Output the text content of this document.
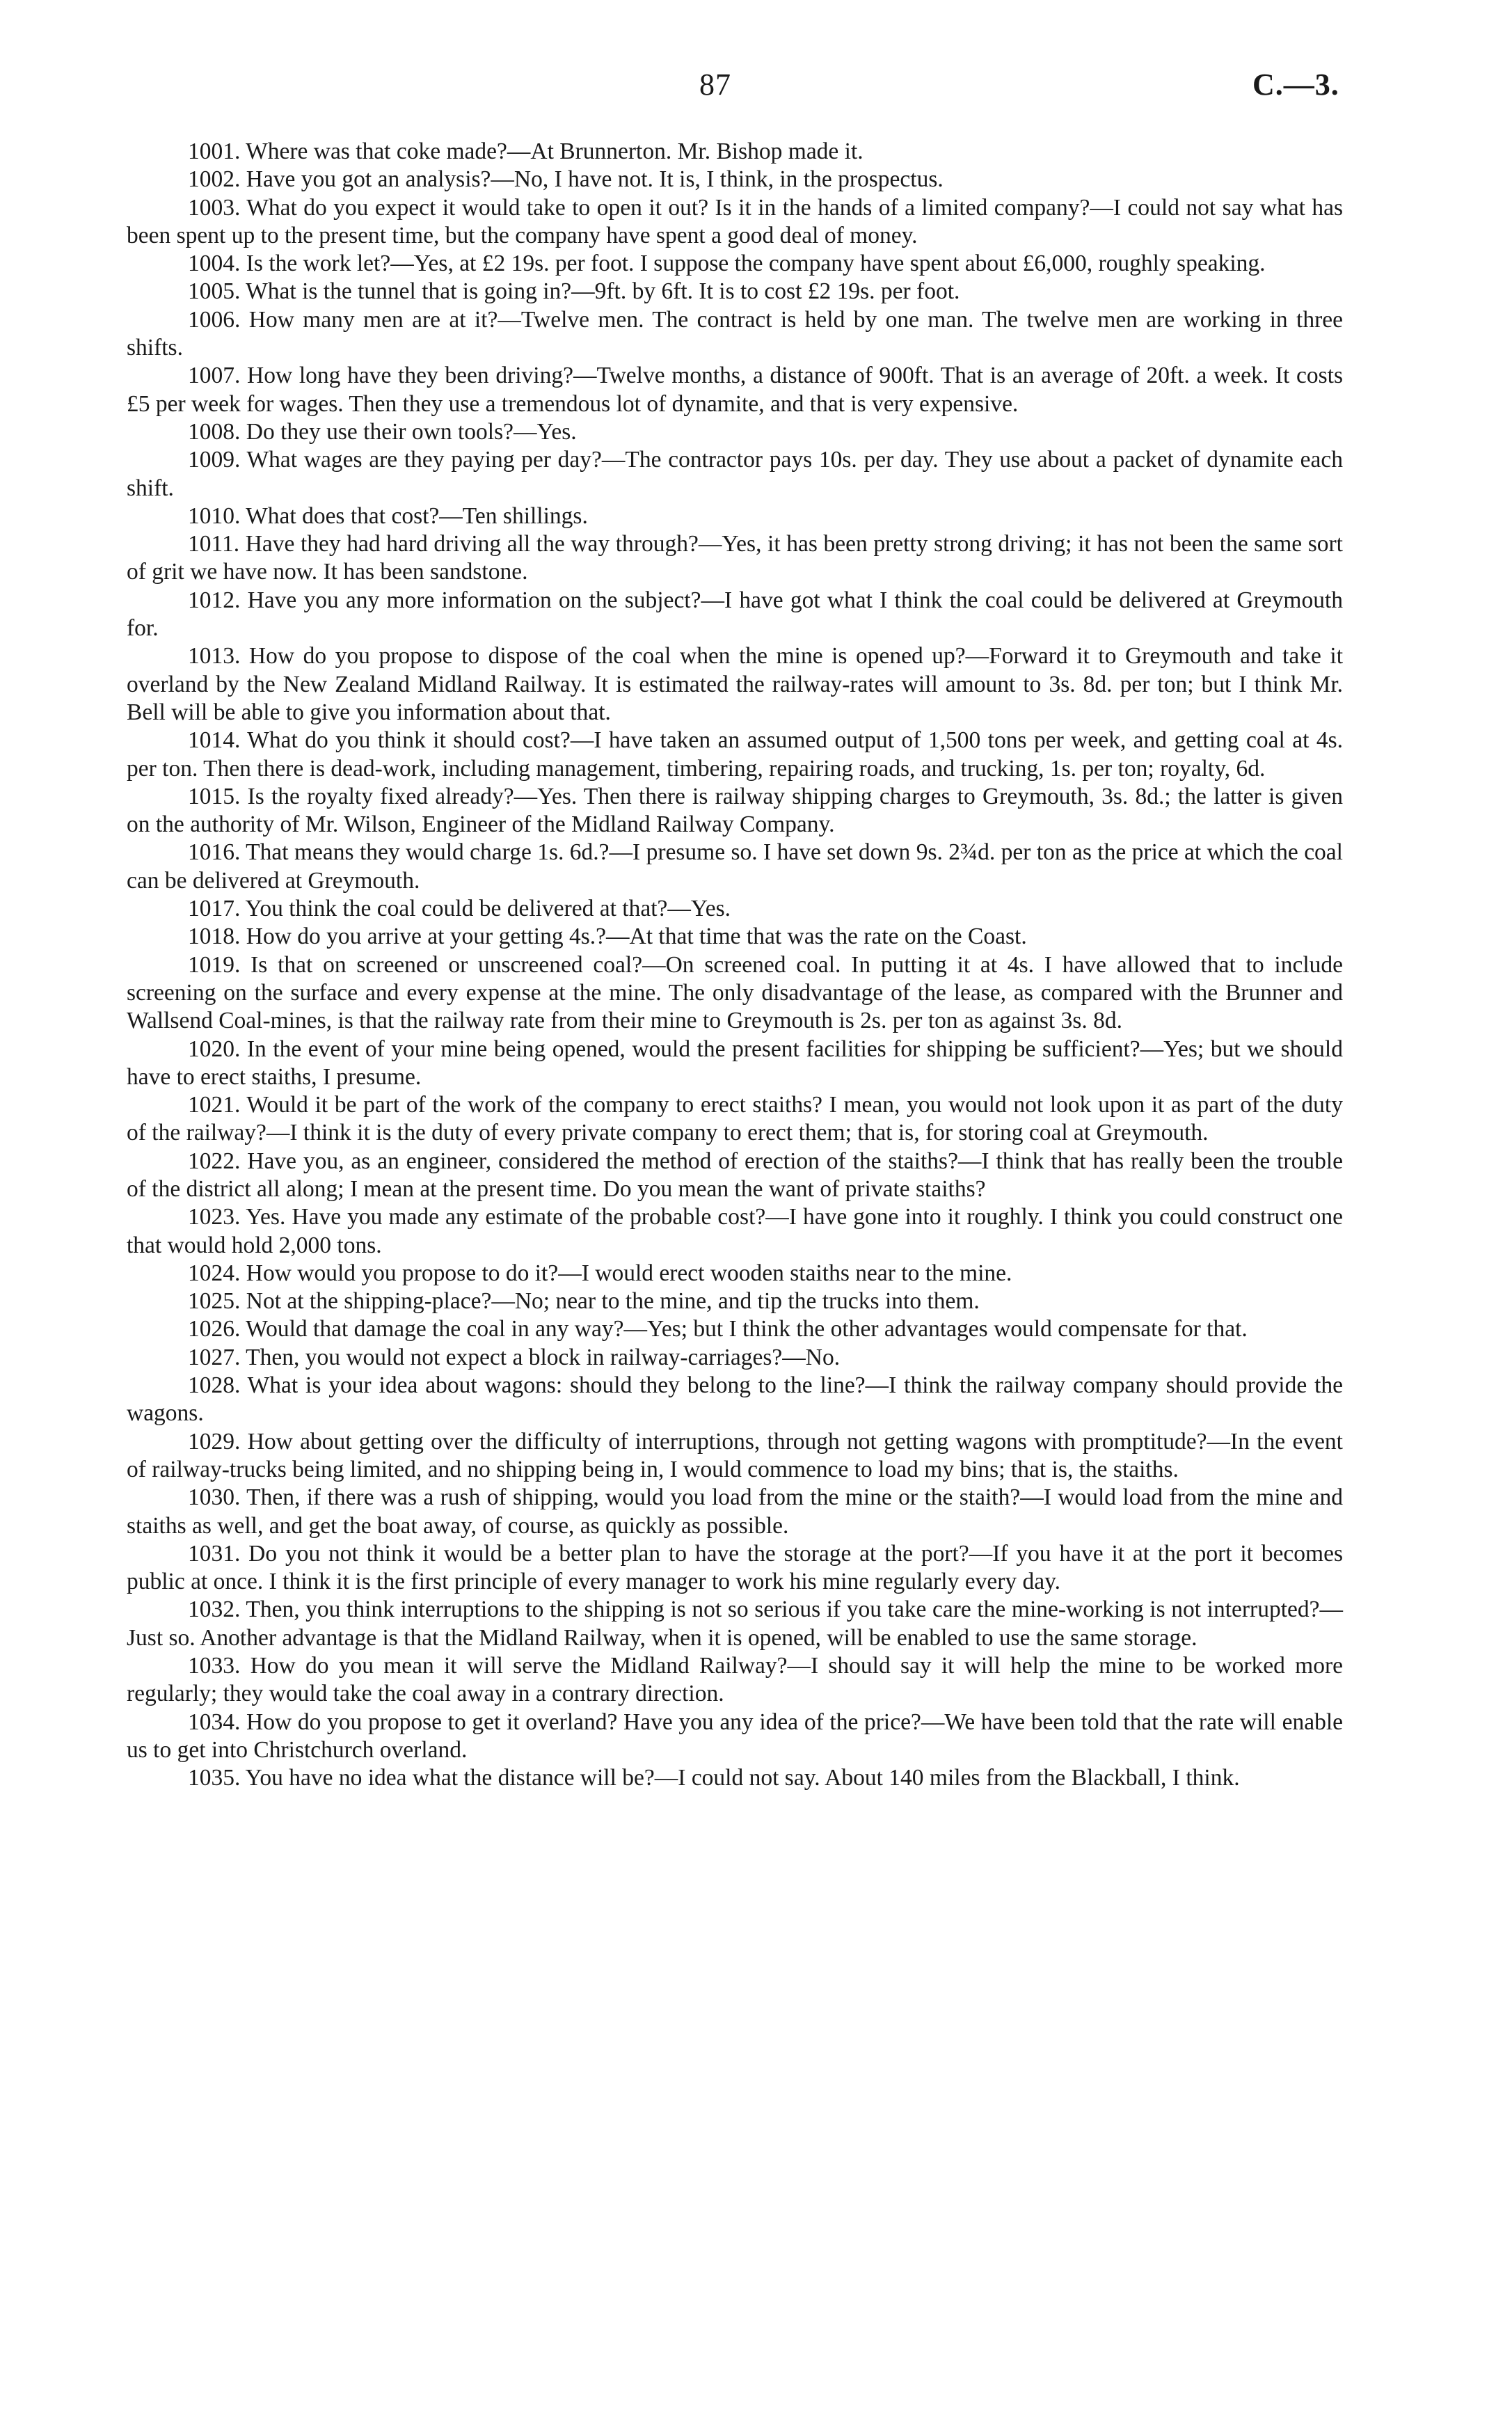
87	C.—3.

1001. Where was that coke made?—At Brunnerton. Mr. Bishop made it.

1002. Have you got an analysis?—No, I have not. It is, I think, in the prospectus.

1003. What do you expect it would take to open it out? Is it in the hands of a limited company?—I could not say what has been spent up to the present time, but the company have spent a good deal of money.

1004. Is the work let?—Yes, at £2 19s. per foot. I suppose the company have spent about £6,000, roughly speaking.

1005. What is the tunnel that is going in?—9ft. by 6ft. It is to cost £2 19s. per foot.

1006. How many men are at it?—Twelve men. The contract is held by one man. The twelve men are working in three shifts.

1007. How long have they been driving?—Twelve months, a distance of 900ft. That is an average of 20ft. a week. It costs £5 per week for wages. Then they use a tremendous lot of dynamite, and that is very expensive.

1008. Do they use their own tools?—Yes.

1009. What wages are they paying per day?—The contractor pays 10s. per day. They use about a packet of dynamite each shift.

1010. What does that cost?—Ten shillings.

1011. Have they had hard driving all the way through?—Yes, it has been pretty strong driving; it has not been the same sort of grit we have now. It has been sandstone.

1012. Have you any more information on the subject?—I have got what I think the coal could be delivered at Greymouth for.

1013. How do you propose to dispose of the coal when the mine is opened up?—Forward it to Greymouth and take it overland by the New Zealand Midland Railway. It is estimated the railway-rates will amount to 3s. 8d. per ton; but I think Mr. Bell will be able to give you information about that.

1014. What do you think it should cost?—I have taken an assumed output of 1,500 tons per week, and getting coal at 4s. per ton. Then there is dead-work, including management, timbering, repairing roads, and trucking, 1s. per ton; royalty, 6d.

1015. Is the royalty fixed already?—Yes. Then there is railway shipping charges to Greymouth, 3s. 8d.; the latter is given on the authority of Mr. Wilson, Engineer of the Midland Railway Company.

1016. That means they would charge 1s. 6d.?—I presume so. I have set down 9s. 2¾d. per ton as the price at which the coal can be delivered at Greymouth.

1017. You think the coal could be delivered at that?—Yes.

1018. How do you arrive at your getting 4s.?—At that time that was the rate on the Coast.

1019. Is that on screened or unscreened coal?—On screened coal. In putting it at 4s. I have allowed that to include screening on the surface and every expense at the mine. The only disadvantage of the lease, as compared with the Brunner and Wallsend Coal-mines, is that the railway rate from their mine to Greymouth is 2s. per ton as against 3s. 8d.

1020. In the event of your mine being opened, would the present facilities for shipping be sufficient?—Yes; but we should have to erect staiths, I presume.

1021. Would it be part of the work of the company to erect staiths? I mean, you would not look upon it as part of the duty of the railway?—I think it is the duty of every private company to erect them; that is, for storing coal at Greymouth.

1022. Have you, as an engineer, considered the method of erection of the staiths?—I think that has really been the trouble of the district all along; I mean at the present time. Do you mean the want of private staiths?

1023. Yes. Have you made any estimate of the probable cost?—I have gone into it roughly. I think you could construct one that would hold 2,000 tons.

1024. How would you propose to do it?—I would erect wooden staiths near to the mine.

1025. Not at the shipping-place?—No; near to the mine, and tip the trucks into them.

1026. Would that damage the coal in any way?—Yes; but I think the other advantages would compensate for that.

1027. Then, you would not expect a block in railway-carriages?—No.

1028. What is your idea about wagons: should they belong to the line?—I think the railway company should provide the wagons.

1029. How about getting over the difficulty of interruptions, through not getting wagons with promptitude?—In the event of railway-trucks being limited, and no shipping being in, I would commence to load my bins; that is, the staiths.

1030. Then, if there was a rush of shipping, would you load from the mine or the staith?—I would load from the mine and staiths as well, and get the boat away, of course, as quickly as possible.

1031. Do you not think it would be a better plan to have the storage at the port?—If you have it at the port it becomes public at once. I think it is the first principle of every manager to work his mine regularly every day.

1032. Then, you think interruptions to the shipping is not so serious if you take care the mine-working is not interrupted?—Just so. Another advantage is that the Midland Railway, when it is opened, will be enabled to use the same storage.

1033. How do you mean it will serve the Midland Railway?—I should say it will help the mine to be worked more regularly; they would take the coal away in a contrary direction.

1034. How do you propose to get it overland? Have you any idea of the price?—We have been told that the rate will enable us to get into Christchurch overland.

1035. You have no idea what the distance will be?—I could not say. About 140 miles from the Blackball, I think.
